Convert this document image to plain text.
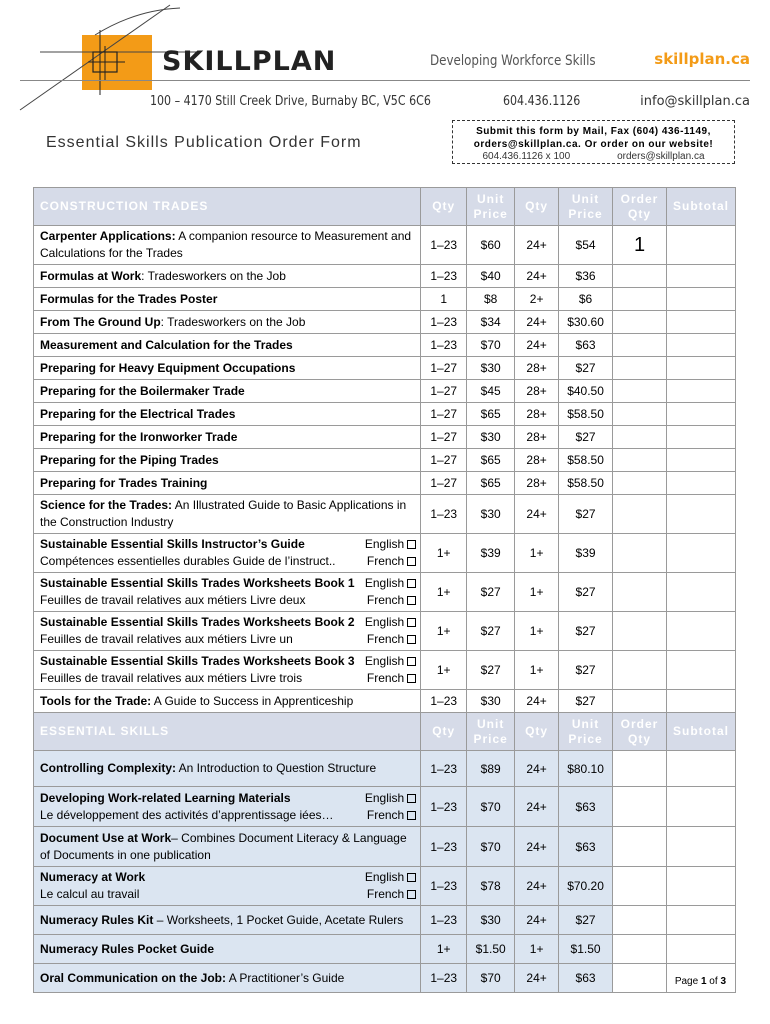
SKILLPLAN	Developing Workforce Skills	skillplan.ca
100 – 4170 Still Creek Drive, Burnaby BC, V5C 6C6	604.436.1126	info@skillplan.ca
Essential Skills Publication Order Form
Submit this form by Mail, Fax (604) 436-1149,
orders@skillplan.ca. Or order on our website!
604.436.1126 x 100	orders@skillplan.ca
CONSTRUCTION TRADES	Qty	Unit Price	Qty	Unit Price	Order Qty	Subtotal
Carpenter Applications: A companion resource to Measurement and Calculations for the Trades	1–23	$60	24+	$54	1	
Formulas at Work: Tradesworkers on the Job	1–23	$40	24+	$36		
Formulas for the Trades Poster	1	$8	2+	$6		
From The Ground Up: Tradesworkers on the Job	1–23	$34	24+	$30.60		
Measurement and Calculation for the Trades	1–23	$70	24+	$63		
Preparing for Heavy Equipment Occupations	1–27	$30	28+	$27		
Preparing for the Boilermaker Trade	1–27	$45	28+	$40.50		
Preparing for the Electrical Trades	1–27	$65	28+	$58.50		
Preparing for the Ironworker Trade	1–27	$30	28+	$27		
Preparing for the Piping Trades	1–27	$65	28+	$58.50		
Preparing for Trades Training	1–27	$65	28+	$58.50		
Science for the Trades: An Illustrated Guide to Basic Applications in the Construction Industry	1–23	$30	24+	$27		

Sustainable Essential Skills Instructor’s Guide English
Compétences essentielles durables Guide de l’instruct.. French	1+	$39	1+	$39		

Sustainable Essential Skills Trades Worksheets Book 1 English
Feuilles de travail relatives aux métiers Livre deux French	1+	$27	1+	$27		

Sustainable Essential Skills Trades Worksheets Book 2 English
Feuilles de travail relatives aux métiers Livre un French	1+	$27	1+	$27		

Sustainable Essential Skills Trades Worksheets Book 3 English
Feuilles de travail relatives aux métiers Livre trois French	1+	$27	1+	$27		
Tools for the Trade: A Guide to Success in Apprenticeship	1–23	$30	24+	$27		
ESSENTIAL SKILLS	Qty	Unit Price	Qty	Unit Price	Order Qty	Subtotal
Controlling Complexity: An Introduction to Question Structure	1–23	$89	24+	$80.10		

Developing Work-related Learning Materials English
Le développement des activités d’apprentissage iées… French	1–23	$70	24+	$63		
Document Use at Work– Combines Document Literacy & Language of Documents in one publication	1–23	$70	24+	$63		

Numeracy at Work English
Le calcul au travail French	1–23	$78	24+	$70.20		
Numeracy Rules Kit – Worksheets, 1 Pocket Guide, Acetate Rulers	1–23	$30	24+	$27		
Numeracy Rules Pocket Guide	1+	$1.50	1+	$1.50		
Oral Communication on the Job: A Practitioner’s Guide	1–23	$70	24+	$63			Page 1 of 3
